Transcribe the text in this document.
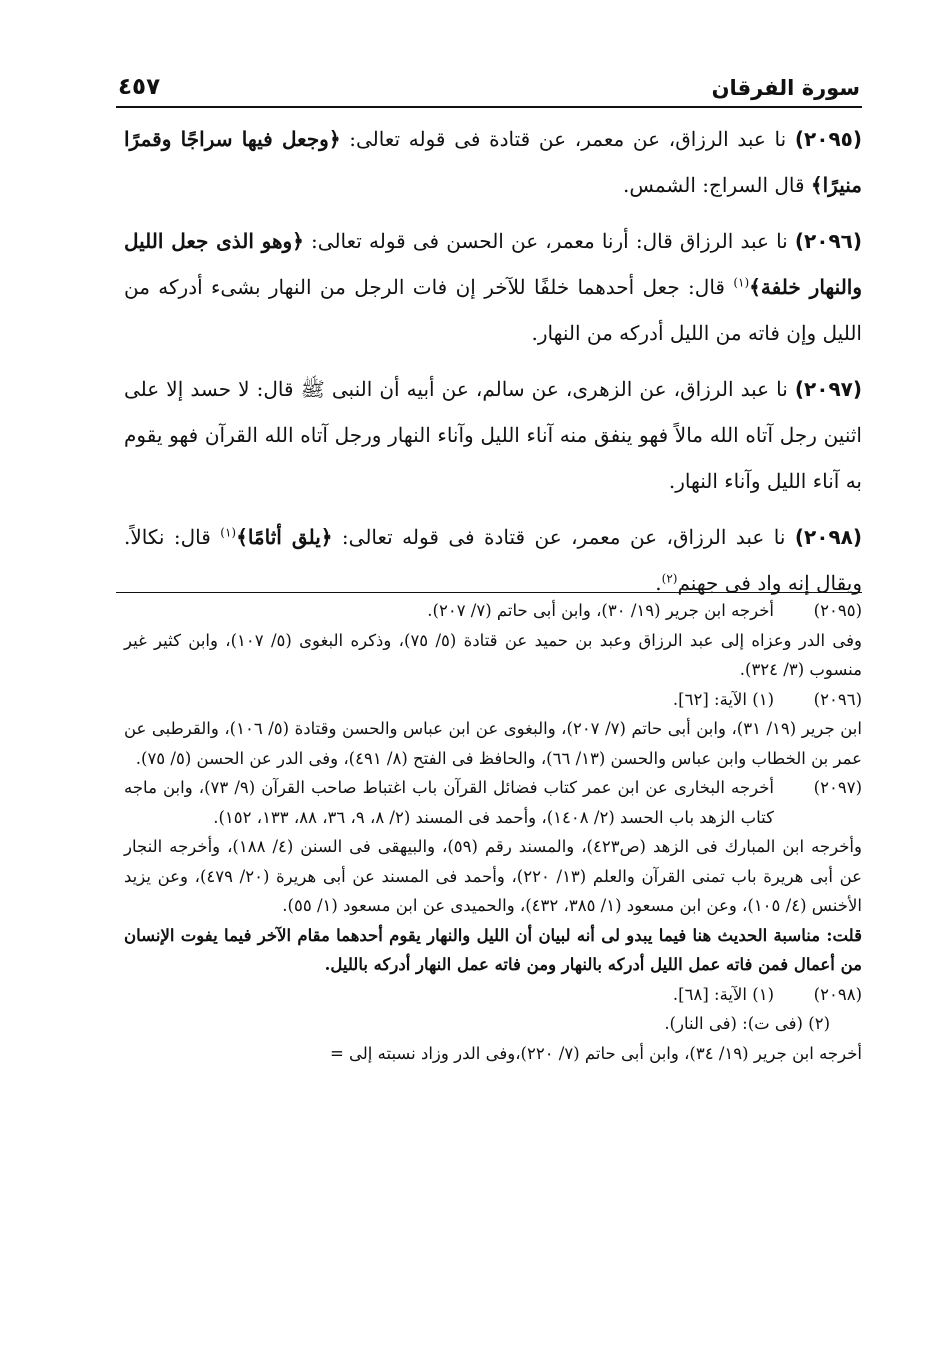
سورة الفرقان
٤٥٧

(٢٠٩٥) نا عبد الرزاق، عن معمر، عن قتادة فى قوله تعالى: ﴿وجعل فيها سراجًا وقمرًا منيرًا﴾ قال السراج: الشمس.

(٢٠٩٦) نا عبد الرزاق قال: أرنا معمر، عن الحسن فى قوله تعالى: ﴿وهو الذى جعل الليل والنهار خلفة﴾$^{(١)}$ قال: جعل أحدهما خلفًا للآخر إن فات الرجل من النهار بشىء أدركه من الليل وإن فاته من الليل أدركه من النهار.

(٢٠٩٧) نا عبد الرزاق، عن الزهرى، عن سالم، عن أبيه أن النبى ﷺ قال: لا حسد إلا على اثنين رجل آتاه الله مالاً فهو ينفق منه آناء الليل وآناء النهار ورجل آتاه الله القرآن فهو يقوم به آناء الليل وآناء النهار.

(٢٠٩٨) نا عبد الرزاق، عن معمر، عن قتادة فى قوله تعالى: ﴿يلق أثامًا﴾$^{(١)}$ قال: نكالاً. ويقال إنه واد فى جهنم$^{(٢)}$.

(٢٠٩٥)

أخرجه ابن جرير (١٩/ ٣٠)، وابن أبى حاتم (٧/ ٢٠٧).

وفى الدر وعزاه إلى عبد الرزاق وعبد بن حميد عن قتادة (٥/ ٧٥)، وذكره البغوى (٥/ ١٠٧)، وابن كثير غير منسوب (٣/ ٣٢٤).

(٢٠٩٦)

(١) الآية: [٦٢].

ابن جرير (١٩/ ٣١)، وابن أبى حاتم (٧/ ٢٠٧)، والبغوى عن ابن عباس والحسن وقتادة (٥/ ١٠٦)، والقرطبى عن عمر بن الخطاب وابن عباس والحسن (١٣/ ٦٦)، والحافظ فى الفتح (٨/ ٤٩١)، وفى الدر عن الحسن (٥/ ٧٥).

(٢٠٩٧)

أخرجه البخارى عن ابن عمر كتاب فضائل القرآن باب اغتباط صاحب القرآن (٩/ ٧٣)، وابن ماجه كتاب الزهد باب الحسد (٢/ ١٤٠٨)، وأحمد فى المسند (٢/ ٨، ٩، ٣٦، ٨٨، ١٣٣، ١٥٢).

وأخرجه ابن المبارك فى الزهد (ص٤٢٣)، والمسند رقم (٥٩)، والبيهقى فى السنن (٤/ ١٨٨)، وأخرجه النجار عن أبى هريرة باب تمنى القرآن والعلم (١٣/ ٢٢٠)، وأحمد فى المسند عن أبى هريرة (٢٠/ ٤٧٩)، وعن يزيد الأخنس (٤/ ١٠٥)، وعن ابن مسعود (١/ ٣٨٥، ٤٣٢)، والحميدى عن ابن مسعود (١/ ٥٥).

قلت: مناسبة الحديث هنا فيما يبدو لى أنه لبيان أن الليل والنهار يقوم أحدهما مقام الآخر فيما يفوت الإنسان من أعمال فمن فاته عمل الليل أدركه بالنهار ومن فاته عمل النهار أدركه بالليل.

(٢٠٩٨)

(١) الآية: [٦٨].

(٢) (فى ت): (فى النار).

أخرجه ابن جرير (١٩/ ٣٤)، وابن أبى حاتم (٧/ ٢٢٠)،وفى الدر وزاد نسبته إلى =
